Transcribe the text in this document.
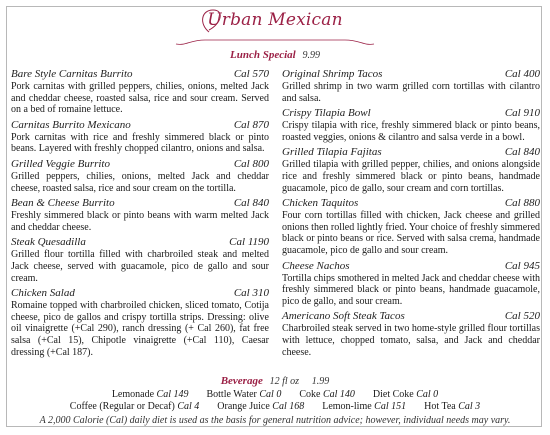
Urban Mexican
Lunch Special 9.99
Bare Style Carnitas Burrito	Cal 570
Pork carnitas with grilled peppers, chilies, onions, melted Jack and cheddar cheese, roasted salsa, rice and sour cream. Served on a bed of romaine lettuce.
Carnitas Burrito Mexicano	Cal 870
Pork carnitas with rice and freshly simmered black or pinto beans. Layered with freshly chopped cilantro, onions and salsa.
Grilled Veggie Burrito	Cal 800
Grilled peppers, chilies, onions, melted Jack and cheddar cheese, roasted salsa, rice and sour cream on the tortilla.
Bean & Cheese Burrito	Cal 840
Freshly simmered black or pinto beans with warm melted Jack and cheddar cheese.
Steak Quesadilla	Cal 1190
Grilled flour tortilla filled with charbroiled steak and melted Jack cheese, served with guacamole, pico de gallo and sour cream.
Chicken Salad	Cal 310
Romaine topped with charbroiled chicken, sliced tomato, Cotija cheese, pico de gallos and crispy tortilla strips. Dressing: olive oil vinaigrette (+Cal 290), ranch dressing (+ Cal 260), fat free salsa (+Cal 15), Chipotle vinaigrette (+Cal 110), Caesar dressing (+Cal 187).
Original Shrimp Tacos	Cal 400
Grilled shrimp in two warm grilled corn tortillas with cilantro and salsa.
Crispy Tilapia Bowl	Cal 910
Crispy tilapia with rice, freshly simmered black or pinto beans, roasted veggies, onions & cilantro and salsa verde in a bowl.
Grilled Tilapia Fajitas	Cal 840
Grilled tilapia with grilled pepper, chilies, and onions alongside rice and freshly simmered black or pinto beans, handmade guacamole, pico de gallo, sour cream and corn tortillas.
Chicken Taquitos	Cal 880
Four corn tortillas filled with chicken, Jack cheese and grilled onions then rolled lightly fried. Your choice of freshly simmered black or pinto beans or rice. Served with salsa crema, handmade guacamole, pico de gallo and sour cream.
Cheese Nachos	Cal 945
Tortilla chips smothered in melted Jack and cheddar cheese with freshly simmered black or pinto beans, handmade guacamole, pico de gallo, and sour cream.
Americano Soft Steak Tacos	Cal 520
Charbroiled steak served in two home-style grilled flour tortillas with lettuce, chopped tomato, salsa, and Jack and cheddar cheese.
Beverage 12 fl oz 1.99
Lemonade Cal 149 Bottle Water Cal 0 Coke Cal 140 Diet Coke Cal 0
Coffee (Regular or Decaf) Cal 4 Orange Juice Cal 168 Lemon-lime Cal 151 Hot Tea Cal 3
A 2,000 Calorie (Cal) daily diet is used as the basis for general nutrition advice; however, individual needs may vary.
